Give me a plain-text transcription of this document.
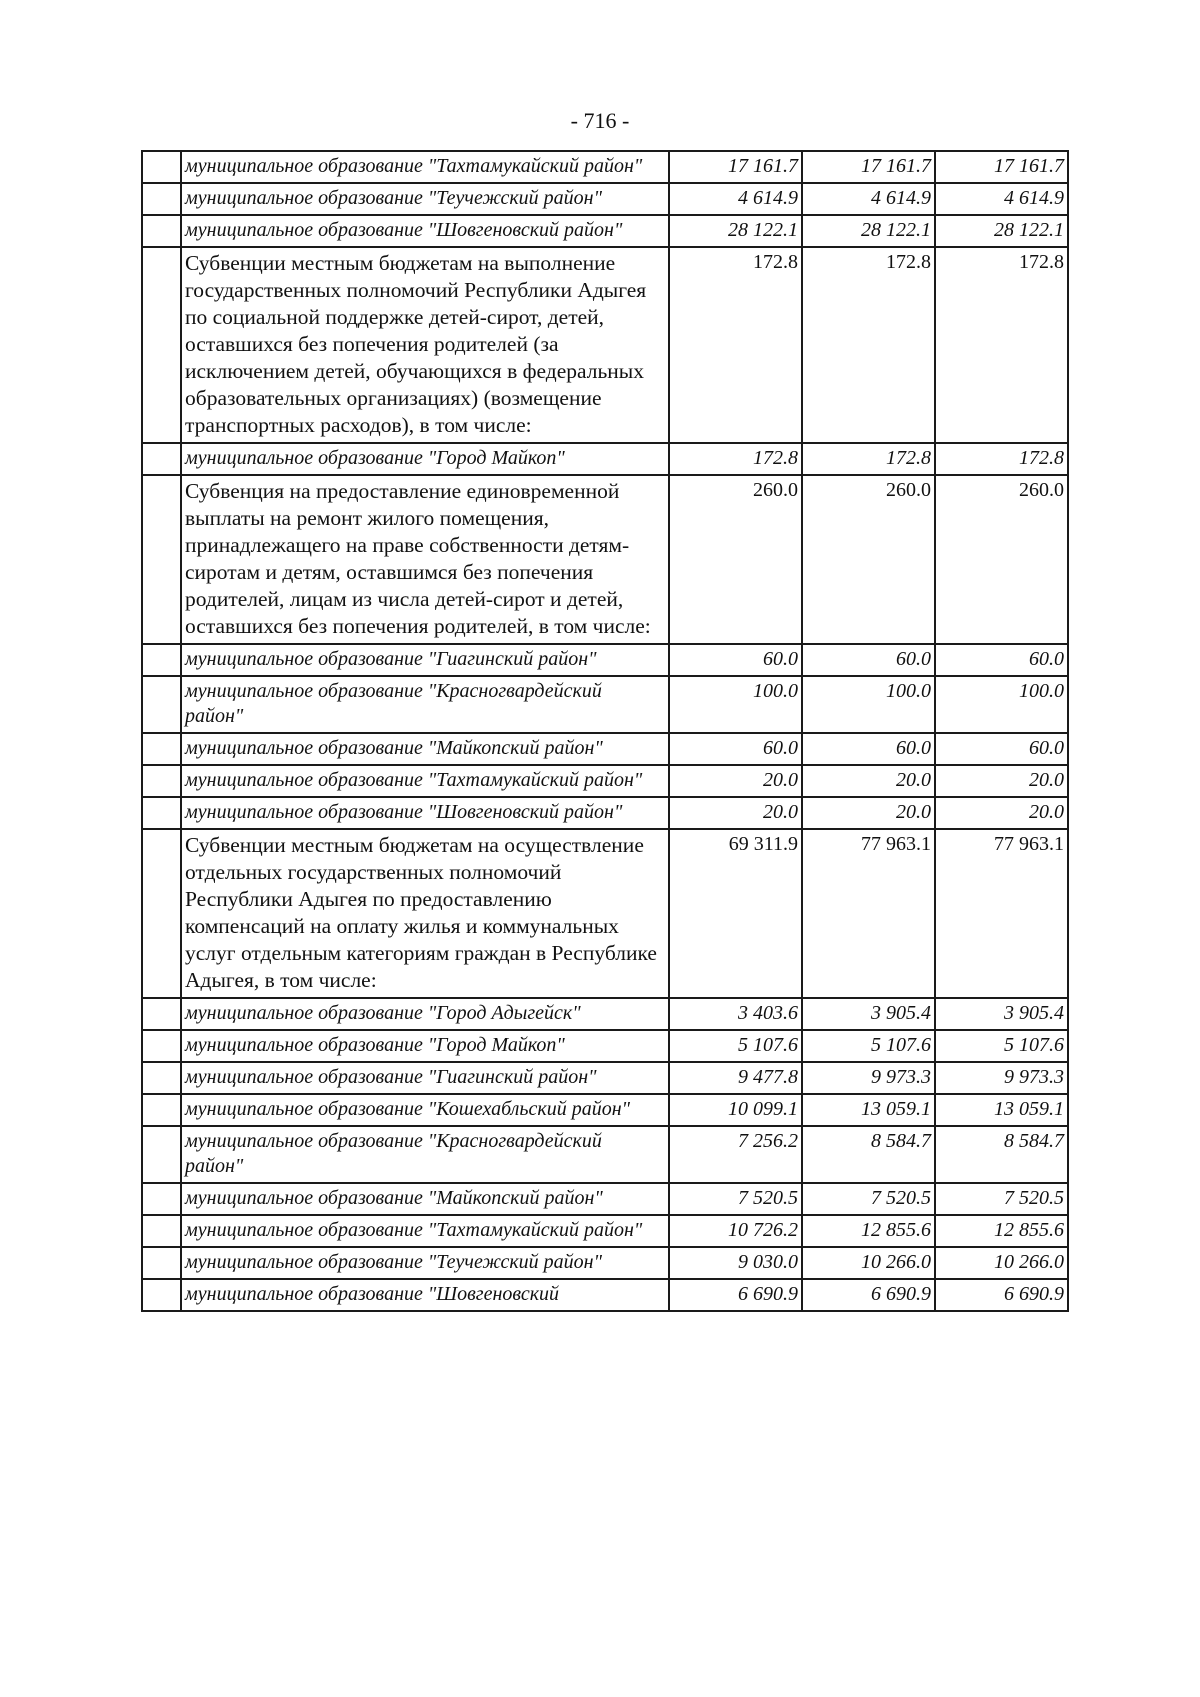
- 716 -
	муниципальное образование "Тахтамукайский район"	17 161.7	17 161.7	17 161.7
	муниципальное образование "Теучежский район"	4 614.9	4 614.9	4 614.9
	муниципальное образование "Шовгеновский район"	28 122.1	28 122.1	28 122.1
	Субвенции местным бюджетам на выполнение государственных полномочий Республики Адыгея по социальной поддержке детей-сирот, детей, оставшихся без попечения родителей (за исключением детей, обучающихся в федеральных образовательных организациях) (возмещение транспортных расходов), в том числе:	172.8	172.8	172.8
	муниципальное образование "Город Майкоп"	172.8	172.8	172.8
	Субвенция на предоставление единовременной выплаты на ремонт жилого помещения, принадлежащего на праве собственности детям-сиротам и детям, оставшимся без попечения родителей, лицам из числа детей-сирот и детей, оставшихся без попечения родителей, в том числе:	260.0	260.0	260.0
	муниципальное образование "Гиагинский район"	60.0	60.0	60.0
	муниципальное образование "Красногвардейский район"	100.0	100.0	100.0
	муниципальное образование "Майкопский район"	60.0	60.0	60.0
	муниципальное образование "Тахтамукайский район"	20.0	20.0	20.0
	муниципальное образование "Шовгеновский район"	20.0	20.0	20.0
	Субвенции местным бюджетам на осуществление отдельных государственных полномочий Республики Адыгея по предоставлению компенсаций на оплату жилья и коммунальных услуг отдельным категориям граждан в Республике Адыгея, в том числе:	69 311.9	77 963.1	77 963.1
	муниципальное образование "Город Адыгейск"	3 403.6	3 905.4	3 905.4
	муниципальное образование "Город Майкоп"	5 107.6	5 107.6	5 107.6
	муниципальное образование "Гиагинский район"	9 477.8	9 973.3	9 973.3
	муниципальное образование "Кошехабльский район"	10 099.1	13 059.1	13 059.1
	муниципальное образование "Красногвардейский район"	7 256.2	8 584.7	8 584.7
	муниципальное образование "Майкопский район"	7 520.5	7 520.5	7 520.5
	муниципальное образование "Тахтамукайский район"	10 726.2	12 855.6	12 855.6
	муниципальное образование "Теучежский район"	9 030.0	10 266.0	10 266.0
	муниципальное образование "Шовгеновский	6 690.9	6 690.9	6 690.9
